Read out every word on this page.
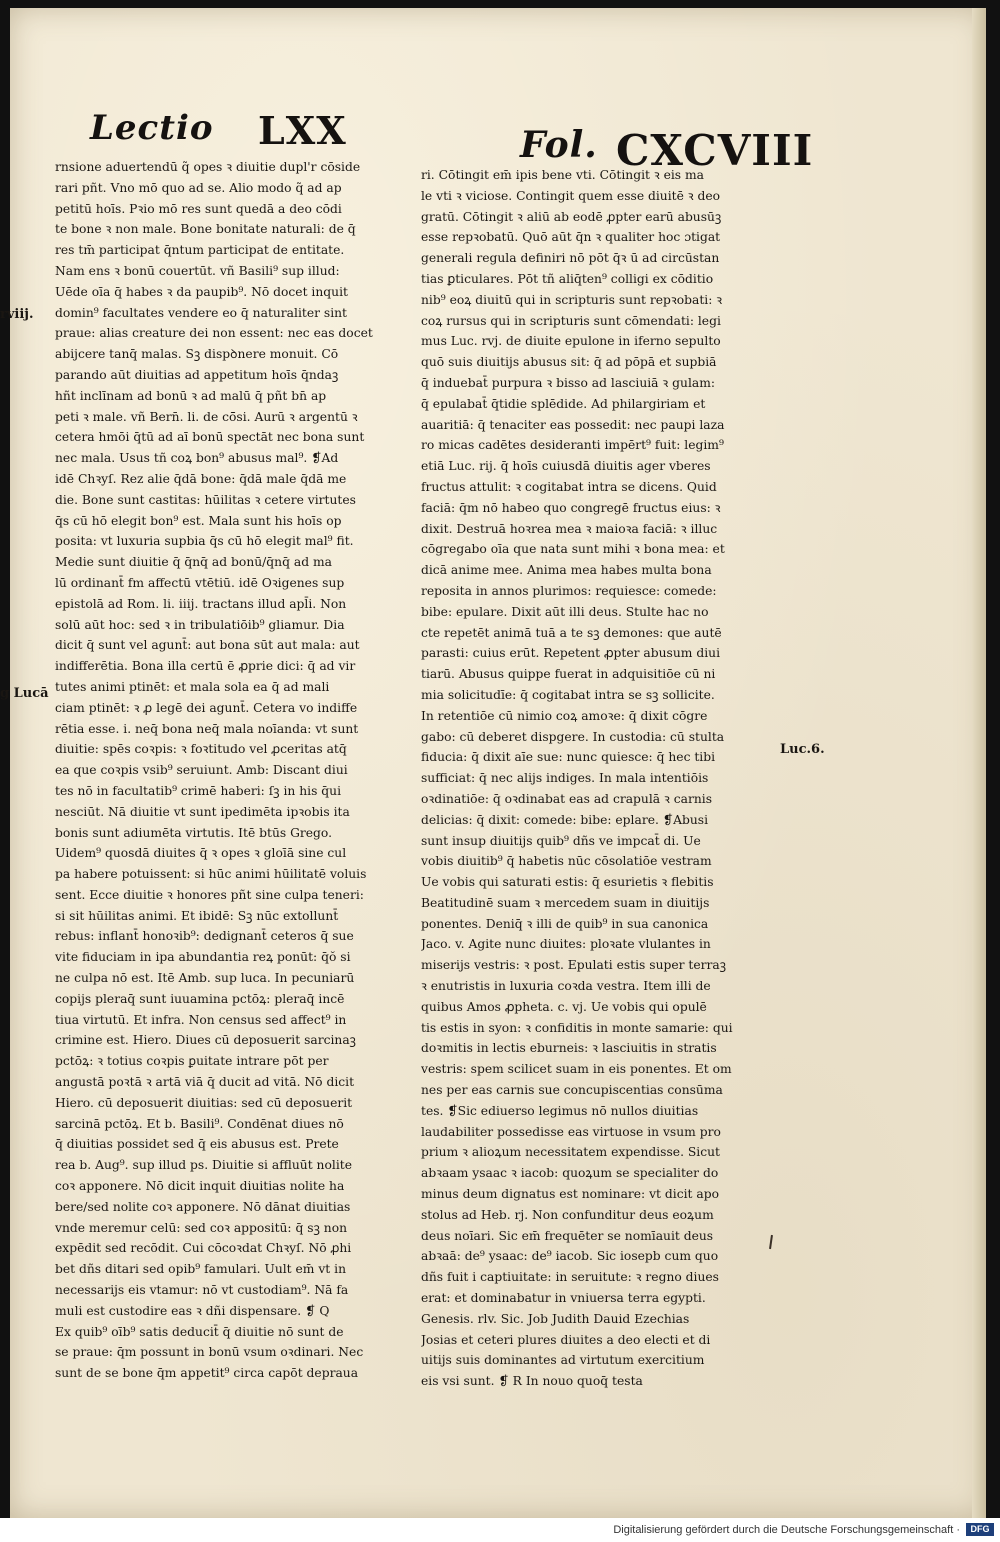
Lectio LXX	Fol. CXCVIII
rviij.
g Lucā
Luc.6.
rnsione aduertendū q̃ opes ꝛ diuitie dupl'r cōside
rari pñt. Vno mō quo ad se. Alio modo q̃ ad ap
petitū hoīs. Pꝛio mō res sunt quedā a deo cōdi
te bone ꝛ non male. Bone bonitate naturali: de q̄
res tm̄ participat q̄ntum participat de entitate.
Nam ens ꝛ bonū couertūt. vñ Basili⁹ sup illud:
Uēde oīa q̄ habes ꝛ da paupib⁹. Nō docet inquit
domin⁹ facultates vendere eo q̄ naturaliter sint
praue: alias creature dei non essent: nec eas docet
abijcere tanq̄ malas. Sꝫ dispꝺnere monuit. Cō
parando aūt diuitias ad appetitum hoīs q̄ndaꝫ
hñt inclīnam ad bonū ꝛ ad malū q̄ pñt bn̄ ap
peti ꝛ male. vñ Bern̄. li. de cō̄si. Aurū ꝛ argentū ꝛ
cetera hmōi q̄tū ad aī bonū spectāt nec bona sunt
nec mala. Usus tñ coꝝ bon⁹ abusus mal⁹. ❡Ad
idē Chꝛyſ. Rez alie q̄dā bone: q̄dā male q̄dā me
die. Bone sunt castitas: hūilitas ꝛ cetere virtutes
q̄s cū hō elegit bon⁹ est. Mala sunt his hoīs op
posita: vt luxuria supbia q̄s cū hō elegit mal⁹ fit.
Medie sunt diuitie q̄ q̄nq̄ ad bonū/q̄nq̄ ad ma
lū ordinant̄ fm affectū vtētiū. idē Oꝛigenes sup
epistolā ad Rom. li. iiij. tractans illud apl̄i. Non
solū aūt hoc: sed ꝛ in tribulatiōib⁹ gliamur. Dia
dicit q̄ sunt vel agunt̄: aut bona sūt aut mala: aut
indifferētia. Bona illa certū ē ꝓprie dici: q̄ ad vir
tutes animi ptinēt: et mala sola ea q̄ ad mali
ciam ptinēt: ꝛ ꝓ legē dei agunt̄. Cetera vo indiffe
rētia esse. i. neq̄ bona neq̄ mala noīanda: vt sunt
diuitie: spēs coꝛpis: ꝛ foꝛtitudo vel ꝓceritas atq̄
ea que coꝛpis vsib⁹ seruiunt. Amb: Discant diui
tes nō in facultatib⁹ crimē haberi: ſꝫ in his q̄ui
nesciūt. Nā diuitie vt sunt ipedimēta ipꝛobis ita
bonis sunt adiumēta virtutis. Itē btūs Grego.
Uidem⁹ quosdā diuites q̄ ꝛ opes ꝛ gloīā sine cul
pa habere potuissent: si hūc animi hūilitatē voluis
sent. Ecce diuitie ꝛ honores pñt sine culpa teneri:
si sit hūilitas animi. Et ibidē: Sꝫ nūc extollunt̄
rebus: inflant̄ honoꝛib⁹: dedignant̄ ceteros q̄ sue
vite fiduciam in ipa abundantia reꝝ ponūt: q̄ŏ si
ne culpa nō est. Itē Amb. sup luca. In pecuniarū
copijs pleraq̄ sunt iuuamina pctōꝝ: pleraq̄ incē
tiua virtutū. Et infra. Non census sed affect⁹ in
crimine est. Hiero. Diues cū deposuerit sarcinaꝫ
pctōꝝ: ꝛ totius coꝛpis ꝑuitate intrare pōt per
angustā poꝛtā ꝛ artā viā q̄ ducit ad vitā. Nō dicit
Hiero. cū deposuerit diuitias: sed cū deposuerit
sarcinā pctōꝝ. Et b. Basili⁹. Condēnat diues nō
q̄ diuitias possidet sed q̄ eis abusus est. Prete
rea b. Aug⁹. sup illud ps. Diuitie si affluūt nolite
coꝛ apponere. Nō dicit inquit diuitias nolite ha
bere/sed nolite coꝛ apponere. Nō dānat diuitias
vnde meremur celū: sed coꝛ appositū: q̄ sꝫ non
expēdit sed recōdit. Cui cōcoꝛdat Chꝛyſ. Nō ꝓhi
bet dñs ditari sed opib⁹ famulari. Uult em̄ vt in
necessarijs eis vtamur: nō vt custodiam⁹. Nā fa
muli est custodire eas ꝛ dñi dispensare. ❡ Q
Ex quib⁹ oīb⁹ satis deducit̄ q̄ diuitie nō sunt de
se praue: q̄m possunt in bonū vsum oꝛdinari. Nec
sunt de se bone q̄m appetit⁹ circa capōt depraua
ri. Cōtingit em̄ ipis bene vti. Cōtingit ꝛ eis ma
le vti ꝛ viciose. Contingit quem esse diuitē ꝛ deo
gratū. Cōtingit ꝛ aliū ab eodē ꝓpter earū abusūꝫ
esse repꝛobatū. Quō aūt q̄n ꝛ qualiter hoc ɔtigat
generali regula definiri nō pōt q̄ꝛ ū ad circūstan
tias ꝑticulares. Pōt tñ aliq̄ten⁹ colligi ex cōditio
nib⁹ eoꝝ diuitū qui in scripturis sunt repꝛobati: ꝛ
coꝝ rursus qui in scripturis sunt cōmendati: legi
mus Luc. rvj. de diuite epulone in iferno sepulto
quō suis diuitijs abusus sit: q̄ ad pōpā et supbiā
q̄ induebat̄ purpura ꝛ bisso ad lasciuiā ꝛ gulam:
q̄ epulabat̄ q̄tidie splēdide. Ad philargiriam et
auaritiā: q̄ tenaciter eas possedit: nec paupi laza
ro micas cadētes desideranti impērt⁹ fuit: legim⁹
etiā Luc. rij. q̄ hoīs cuiusdā diuitis ager vberes
fructus attulit: ꝛ cogitabat intra se dicens. Quid
faciā: q̄m nō habeo quo congregē fructus eius: ꝛ
dixit. Destruā hoꝛrea mea ꝛ maioꝛa faciā: ꝛ illuc
cōgregabo oīa que nata sunt mihi ꝛ bona mea: et
dicā anime mee. Anima mea habes multa bona
reposita in annos plurimos: requiesce: comede:
bibe: epulare. Dixit aūt illi deus. Stulte hac no
cte repetēt animā tuā a te sꝫ demones: que autē
parasti: cuius erūt. Repetent ꝓpter abusum diui
tiarū. Abusus quippe fuerat in adquisitiōe cū ni
mia solicitudīe: q̄ cogitabat intra se sꝫ sollicite.
In retentiōe cū nimio coꝝ amoꝛe: q̄ dixit cōgre
gabo: cū deberet dispgere. In custodia: cū stulta
fiducia: q̄ dixit aīe sue: nunc quiesce: q̄ hec tibi
sufficiat: q̄ nec alijs indiges. In mala intentiōis
oꝛdinatiōe: q̄ oꝛdinabat eas ad crapulā ꝛ carnis
delicias: q̄ dixit: comede: bibe: eplare. ❡Abusi
sunt insup diuitijs quib⁹ dñs ve impcat̄ di. Ue
vobis diuitib⁹ q̄ habetis nūc cōsolatiōe vestram
Ue vobis qui saturati estis: q̄ esurietis ꝛ flebitis
Beatitudinē suam ꝛ mercedem suam in diuitijs
ponentes. Deniq̄ ꝛ illi de quib⁹ in sua canonica
Jaco. v. Agite nunc diuites: ploꝛate vlulantes in
miserijs vestris: ꝛ post. Epulati estis super terraꝫ
ꝛ enutristis in luxuria coꝛda vestra. Item illi de
quibus Amos ꝓpheta. c. vj. Ue vobis qui opulē
tis estis in syon: ꝛ confiditis in monte samarie: qui
doꝛmitis in lectis eburneis: ꝛ lasciuitis in stratis
vestris: spem scilicet suam in eis ponentes. Et om
nes per eas carnis sue concupiscentias consūma
tes. ❡Sic ediuerso legimus nō nullos diuitias
laudabiliter possedisse eas virtuose in vsum pro
prium ꝛ alioꝝum necessitatem expendisse. Sicut
abꝛaam ysaac ꝛ iacob: quoꝝum se specialiter do
minus deum dignatus est nominare: vt dicit apo
stolus ad Heb. rj. Non confunditur deus eoꝝum
deus noīari. Sic em̄ frequēter se nomīauit deus
abꝛaā: de⁹ ysaac: de⁹ iacob. Sic iosepb cum quo
dñs fuit i captiuitate: in seruitute: ꝛ regno diues
erat: et dominabatur in vniuersa terra egypti.
Genesis. rlv. Sic. Job Judith Dauid Ezechias
Josias et ceteri plures diuites a deo electi et di
uitijs suis dominantes ad virtutum exercitium
eis vsi sunt. ❡ R In nouo quoq̄ testa
Digitalisierung gefördert durch die Deutsche Forschungsgemeinschaft ·	DFG
